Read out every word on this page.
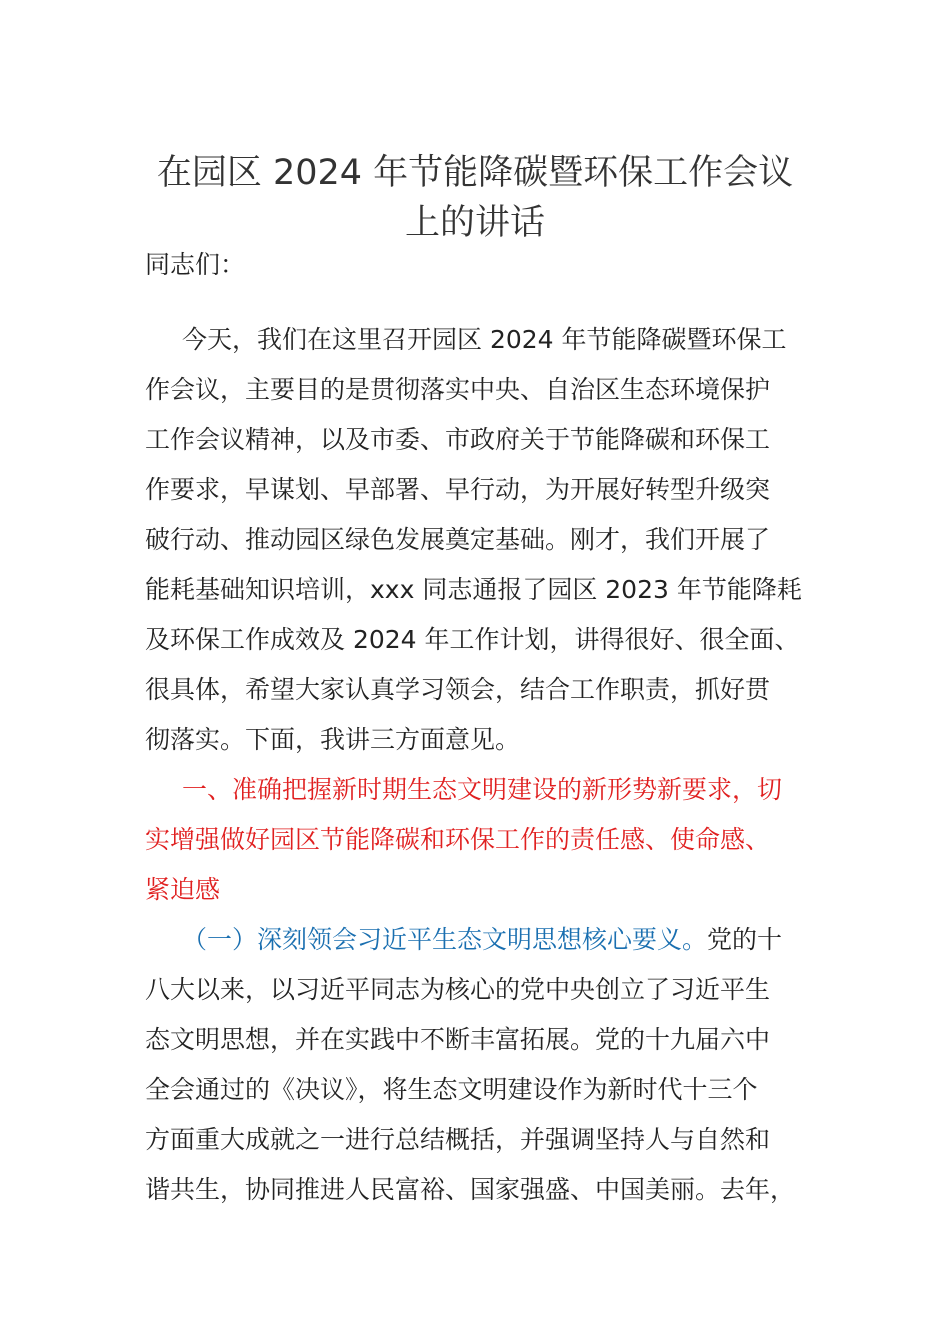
在园区 2024 年节能降碳暨环保工作会议
上的讲话

同志们：

今天，我们在这里召开园区 2024 年节能降碳暨环保工

作会议，主要目的是贯彻落实中央、自治区生态环境保护

工作会议精神，以及市委、市政府关于节能降碳和环保工

作要求，早谋划、早部署、早行动，为开展好转型升级突

破行动、推动园区绿色发展奠定基础。刚才，我们开展了

能耗基础知识培训，xxx 同志通报了园区 2023 年节能降耗

及环保工作成效及 2024 年工作计划，讲得很好、很全面、

很具体，希望大家认真学习领会，结合工作职责，抓好贯

彻落实。下面，我讲三方面意见。

一、准确把握新时期生态文明建设的新形势新要求，切

实增强做好园区节能降碳和环保工作的责任感、使命感、

紧迫感

（一）深刻领会习近平生态文明思想核心要义。党的十

八大以来，以习近平同志为核心的党中央创立了习近平生

态文明思想，并在实践中不断丰富拓展。党的十九届六中

全会通过的《决议》，将生态文明建设作为新时代十三个

方面重大成就之一进行总结概括，并强调坚持人与自然和

谐共生，协同推进人民富裕、国家强盛、中国美丽。去年，
